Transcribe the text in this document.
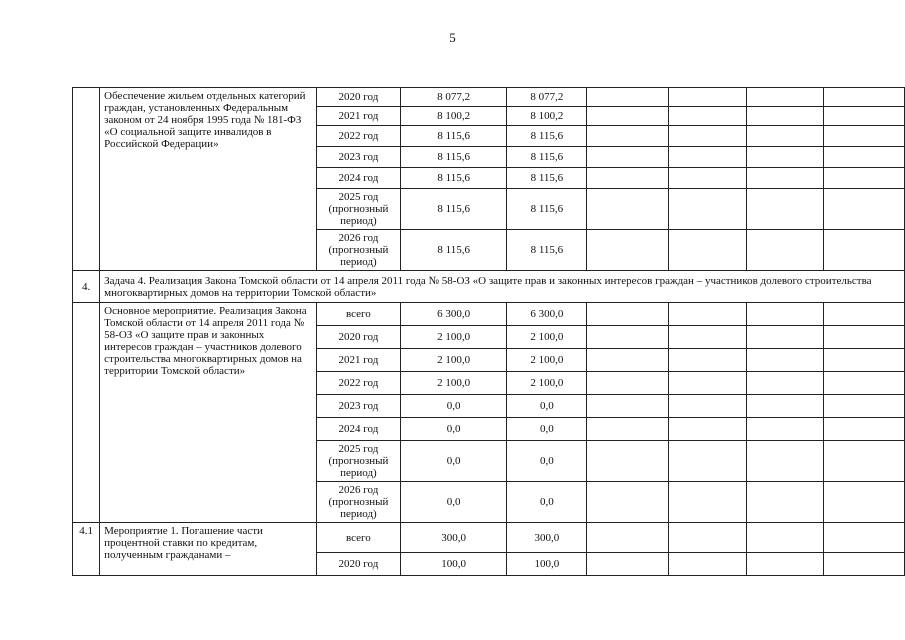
5
	Обеспечение жильем отдельных категорий граждан, установленных Федеральным законом от 24 ноября 1995 года № 181-ФЗ «О социальной защите инвалидов в Российской Федерации»	2020 год	8 077,2	8 077,2				
		2021 год	8 100,2	8 100,2				
		2022 год	8 115,6	8 115,6				
		2023 год	8 115,6	8 115,6				
		2024 год	8 115,6	8 115,6				
		2025 год (прогнозный период)	8 115,6	8 115,6				
		2026 год (прогнозный период)	8 115,6	8 115,6				
4.	Задача 4. Реализация Закона Томской области от 14 апреля 2011 года № 58-ОЗ «О защите прав и законных интересов граждан – участников долевого строительства многоквартирных домов на территории Томской области»							
	Основное мероприятие. Реализация Закона Томской области от 14 апреля 2011 года № 58-ОЗ «О защите прав и законных интересов граждан – участников долевого строительства многоквартирных домов на территории Томской области»	всего	6 300,0	6 300,0				
		2020 год	2 100,0	2 100,0				
		2021 год	2 100,0	2 100,0				
		2022 год	2 100,0	2 100,0				
		2023 год	0,0	0,0				
		2024 год	0,0	0,0				
		2025 год (прогнозный период)	0,0	0,0				
		2026 год (прогнозный период)	0,0	0,0				
4.1	Мероприятие 1. Погашение части процентной ставки по кредитам, полученным гражданами –	всего	300,0	300,0				
		2020 год	100,0	100,0				
